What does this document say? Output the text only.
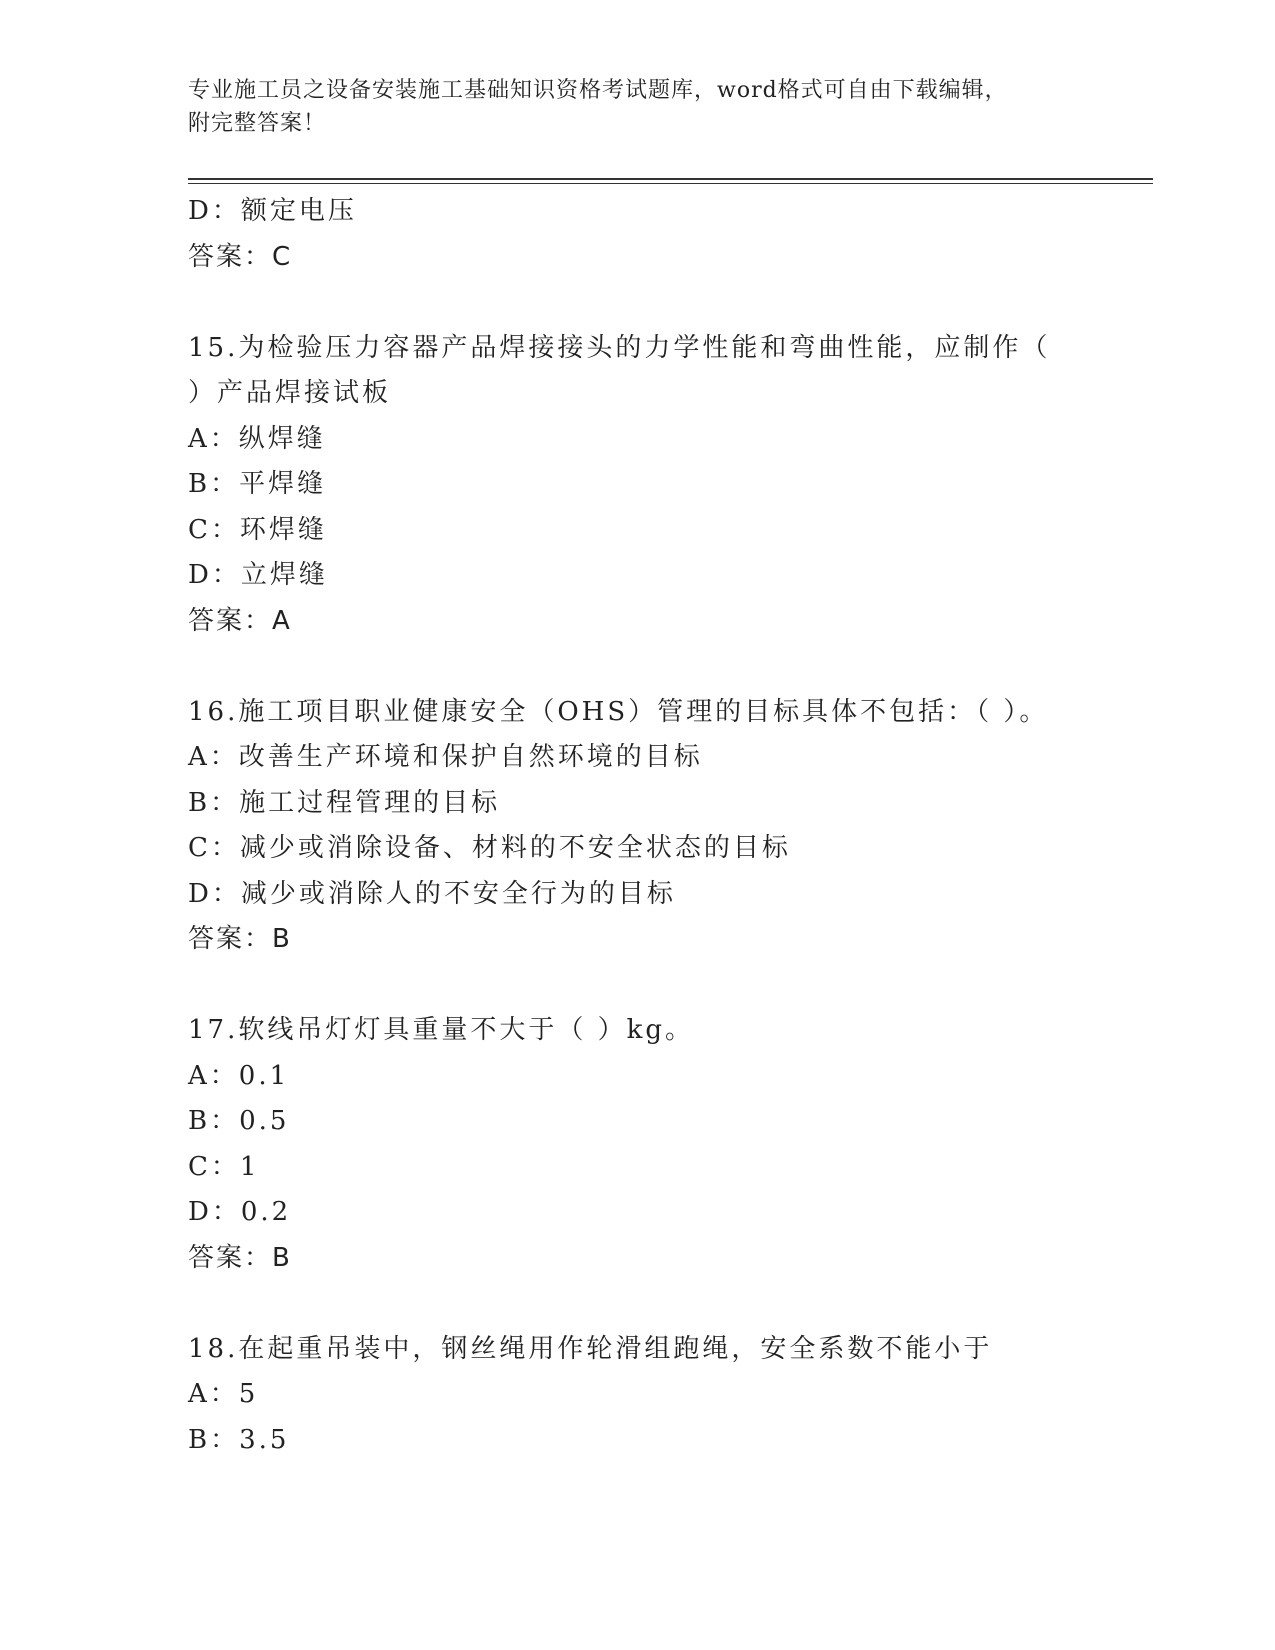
专业施工员之设备安装施工基础知识资格考试题库，word格式可自由下载编辑，
附完整答案！
D：额定电压
答案：C
15.为检验压力容器产品焊接接头的力学性能和弯曲性能，应制作（
）产品焊接试板
A：纵焊缝
B：平焊缝
C：环焊缝
D：立焊缝
答案：A
16.施工项目职业健康安全（OHS）管理的目标具体不包括：（ ）。
A：改善生产环境和保护自然环境的目标
B：施工过程管理的目标
C：减少或消除设备、材料的不安全状态的目标
D：减少或消除人的不安全行为的目标
答案：B
17.软线吊灯灯具重量不大于（ ）kg。
A：0.1
B：0.5
C：1
D：0.2
答案：B
18.在起重吊装中，钢丝绳用作轮滑组跑绳，安全系数不能小于
A：5
B：3.5
